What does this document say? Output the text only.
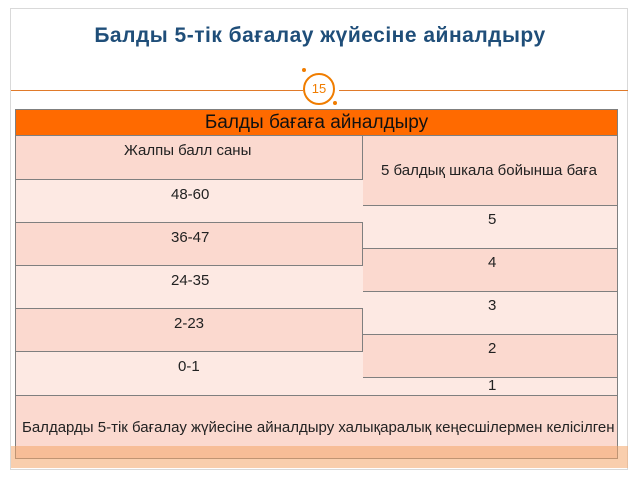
Балды 5-тік бағалау жүйесіне айналдыру
15
Балды бағаға айналдыру
Жалпы балл саны
48-60
36-47
24-35
2-23
0-1
5 балдық шкала бойынша баға
5
4
3
2
1
Балдарды 5-тік бағалау жүйесіне айналдыру халықаралық кеңесшілермен келісілген
